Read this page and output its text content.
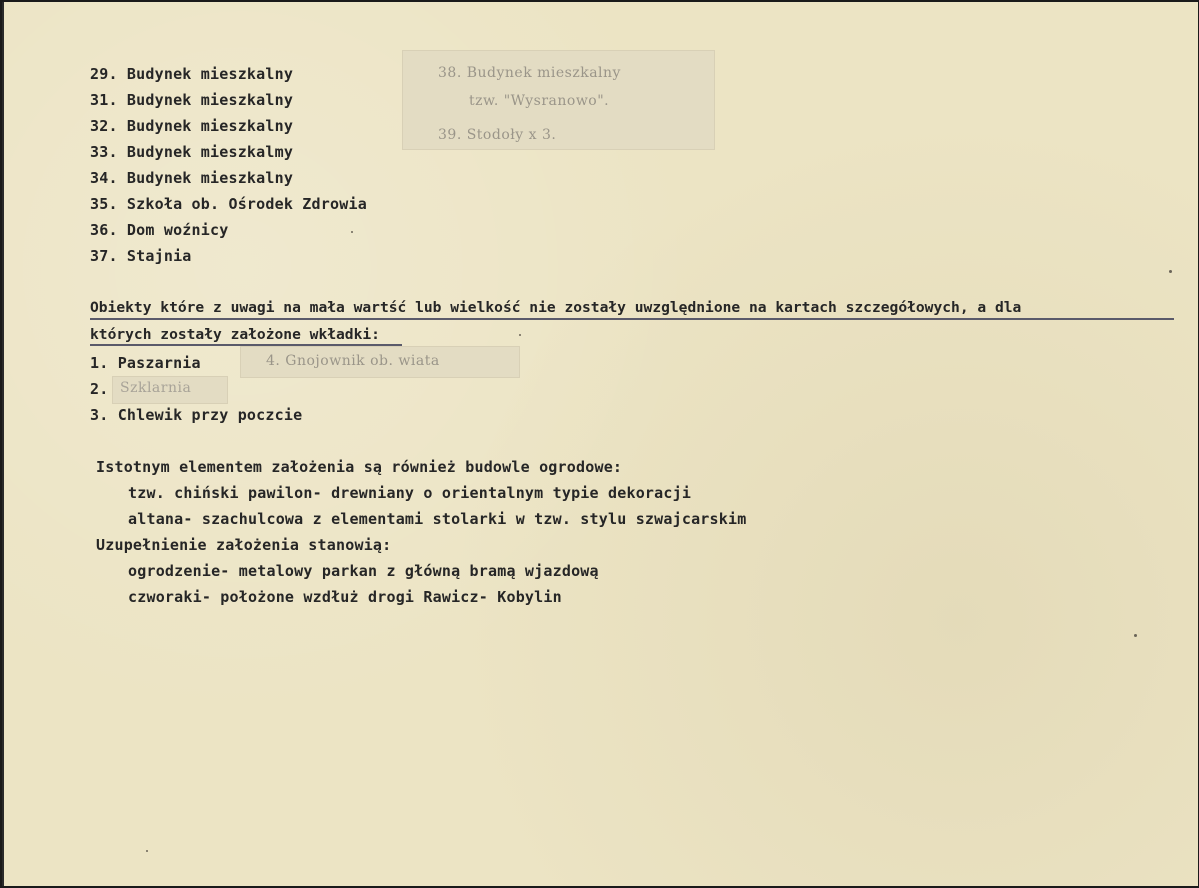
38. Budynek mieszkalny
tzw. "Wysranowo".
39. Stodoły x 3.
29. Budynek mieszkalny
31. Budynek mieszkalny
32. Budynek mieszkalny
33. Budynek mieszkalmy
34. Budynek mieszkalny
35. Szkoła ob. Ośrodek Zdrowia
36. Dom woźnicy
37. Stajnia
Obiekty które z uwagi na mała wartść lub wielkość nie zostały uwzględnione na kartach szczegółowych, a dla
których zostały założone wkładki:
4. Gnojownik ob. wiata
1. Paszarnia
2. Szklarnia
3. Chlewik przy poczcie
Istotnym elementem założenia są również budowle ogrodowe:
tzw. chiński pawilon- drewniany o orientalnym typie dekoracji
altana- szachulcowa z elementami stolarki w tzw. stylu szwajcarskim
Uzupełnienie założenia stanowią:
ogrodzenie- metalowy parkan z główną bramą wjazdową
czworaki- położone wzdłuż drogi Rawicz- Kobylin
